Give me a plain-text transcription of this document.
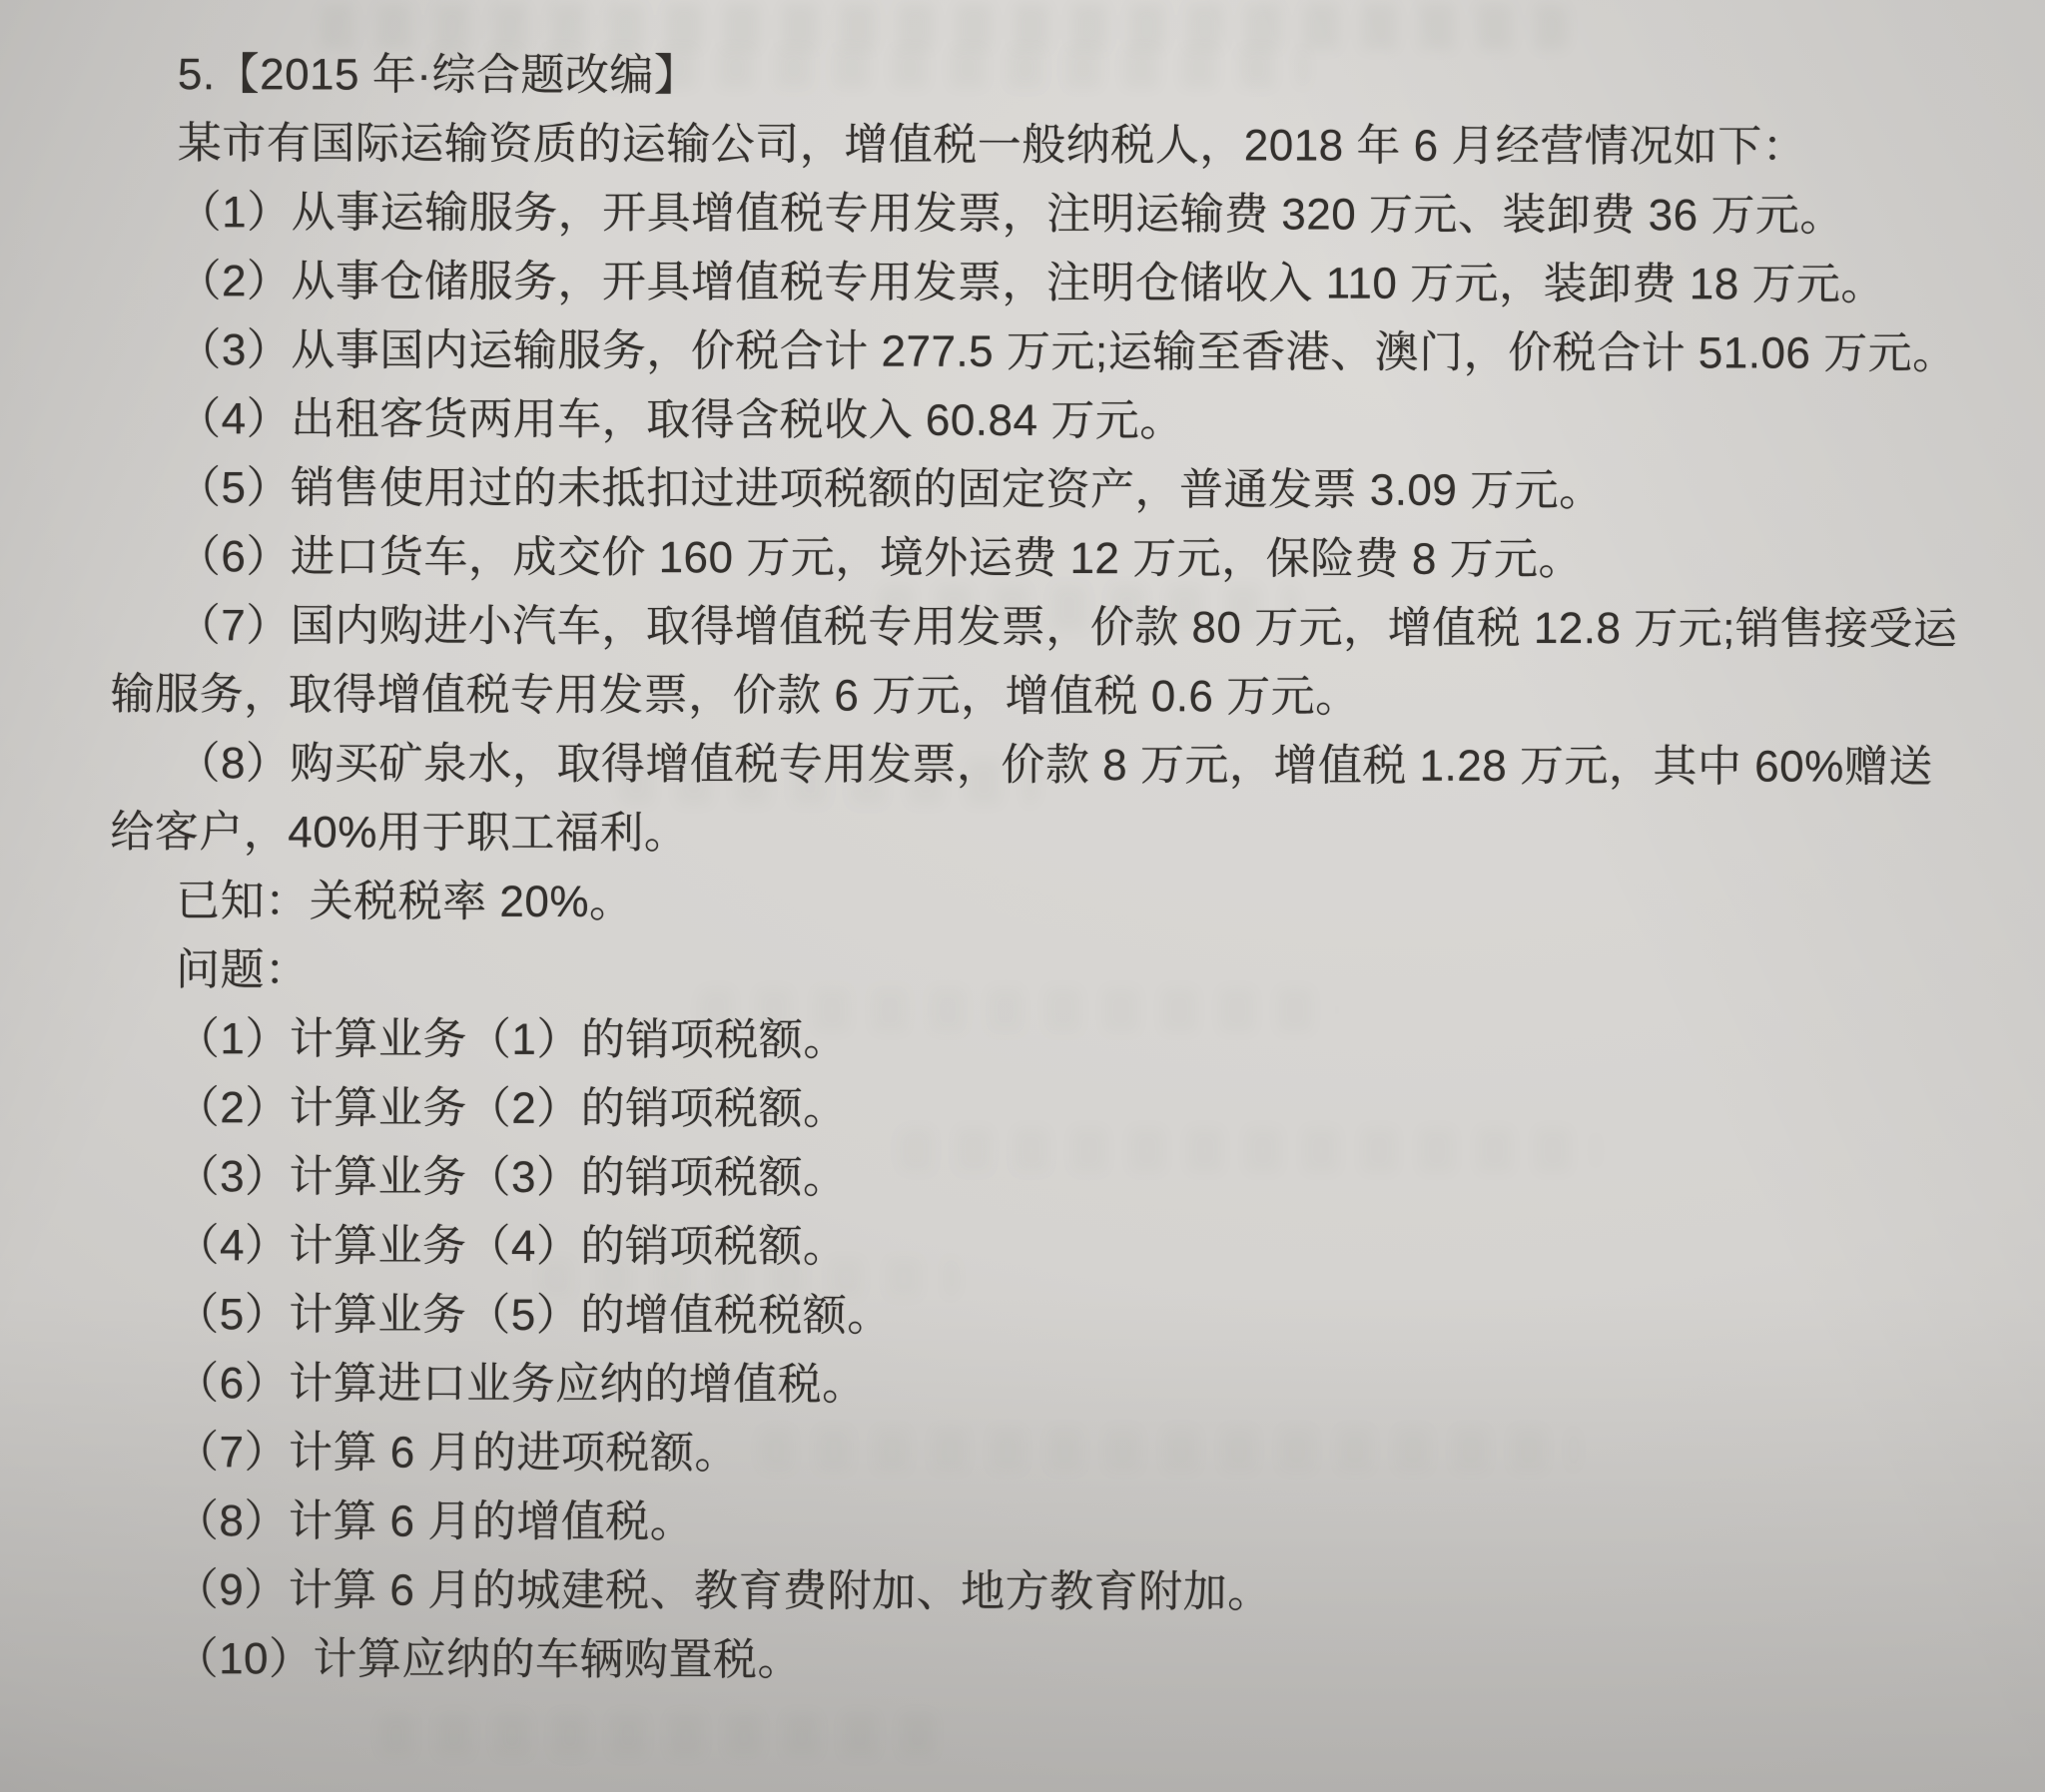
5.【2015 年·综合题改编】

某市有国际运输资质的运输公司，增值税一般纳税人，2018 年 6 月经营情况如下：

（1）从事运输服务，开具增值税专用发票，注明运输费 320 万元、装卸费 36 万元。

（2）从事仓储服务，开具增值税专用发票，注明仓储收入 110 万元，装卸费 18 万元。

（3）从事国内运输服务，价税合计 277.5 万元;运输至香港、澳门，价税合计 51.06 万元。

（4）出租客货两用车，取得含税收入 60.84 万元。

（5）销售使用过的未抵扣过进项税额的固定资产，普通发票 3.09 万元。

（6）进口货车，成交价 160 万元，境外运费 12 万元，保险费 8 万元。

（7）国内购进小汽车，取得增值税专用发票，价款 80 万元，增值税 12.8 万元;销售接受运输服务，取得增值税专用发票，价款 6 万元，增值税 0.6 万元。

（8）购买矿泉水，取得增值税专用发票，价款 8 万元，增值税 1.28 万元，其中 60%赠送给客户，40%用于职工福利。

已知：关税税率 20%。

问题：

（1）计算业务（1）的销项税额。

（2）计算业务（2）的销项税额。

（3）计算业务（3）的销项税额。

（4）计算业务（4）的销项税额。

（5）计算业务（5）的增值税税额。

（6）计算进口业务应纳的增值税。

（7）计算 6 月的进项税额。

（8）计算 6 月的增值税。

（9）计算 6 月的城建税、教育费附加、地方教育附加。

（10）计算应纳的车辆购置税。
